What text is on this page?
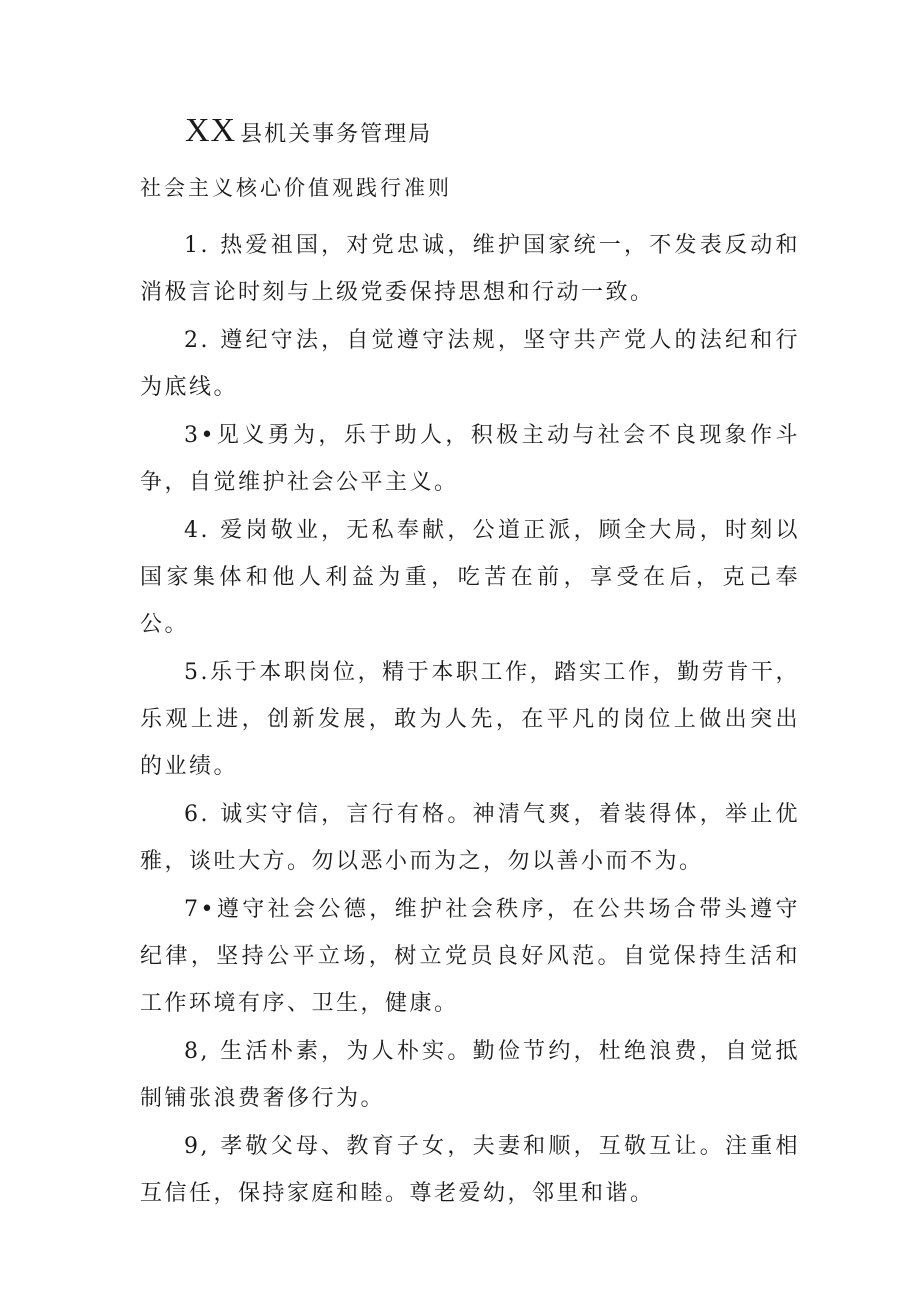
XX 县机关事务管理局
社会主义核心价值观践行准则

1. 热爱祖国，对党忠诚，维护国家统一，不发表反动和消极言论时刻与上级党委保持思想和行动一致。

2. 遵纪守法，自觉遵守法规，坚守共产党人的法纪和行为底线。

3•见义勇为，乐于助人，积极主动与社会不良现象作斗争，自觉维护社会公平主义。

4. 爱岗敬业，无私奉献，公道正派，顾全大局，时刻以国家集体和他人利益为重，吃苦在前，享受在后，克己奉公。

5.乐于本职岗位，精于本职工作，踏实工作，勤劳肯干，乐观上进，创新发展，敢为人先，在平凡的岗位上做出突出的业绩。

6. 诚实守信，言行有格。神清气爽，着装得体，举止优雅，谈吐大方。勿以恶小而为之，勿以善小而不为。

7•遵守社会公德，维护社会秩序，在公共场合带头遵守纪律，坚持公平立场，树立党员良好风范。自觉保持生活和工作环境有序、卫生，健康。

8, 生活朴素，为人朴实。勤俭节约，杜绝浪费，自觉抵制铺张浪费奢侈行为。

9, 孝敬父母、教育子女，夫妻和顺，互敬互让。注重相互信任，保持家庭和睦。尊老爱幼，邻里和谐。
